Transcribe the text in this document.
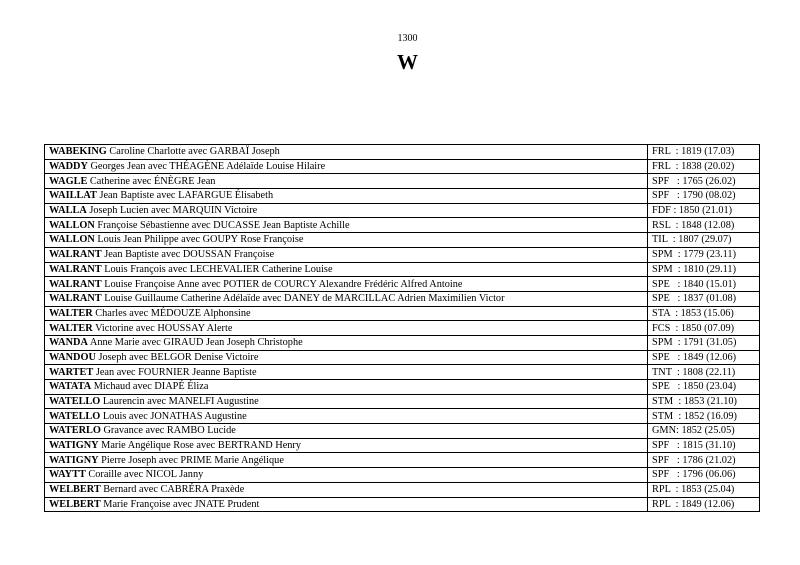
1300
W
WABEKING Caroline Charlotte avec GARBAÏ Joseph	FRL  : 1819 (17.03)
WADDY Georges Jean avec THÉAGÈNE Adélaïde Louise Hilaire	FRL  : 1838 (20.02)
WAGLE Catherine avec ÉNÈGRE Jean	SPF   : 1765 (26.02)
WAILLAT Jean Baptiste avec LAFARGUE Élisabeth	SPF   : 1790 (08.02)
WALLA Joseph Lucien avec MARQUIN Victoire	FDF : 1850 (21.01)
WALLON Françoise Sébastienne avec DUCASSE Jean Baptiste Achille	RSL  : 1848 (12.08)
WALLON Louis Jean Philippe avec GOUPY Rose Françoise	TIL  : 1807 (29.07)
WALRANT Jean Baptiste avec DOUSSAN Françoise	SPM  : 1779 (23.11)
WALRANT Louis François avec LECHEVALIER Catherine Louise	SPM  : 1810 (29.11)
WALRANT Louise Françoise Anne avec POTIER de COURCY Alexandre Frédéric Alfred Antoine	SPE   : 1840 (15.01)
WALRANT Louise Guillaume Catherine Adélaïde avec DANEY de MARCILLAC Adrien Maximilien Victor	SPE   : 1837 (01.08)
WALTER Charles avec MÉDOUZE Alphonsine	STA  : 1853 (15.06)
WALTER Victorine avec HOUSSAY Alerte	FCS  : 1850 (07.09)
WANDA Anne Marie avec GIRAUD Jean Joseph Christophe	SPM  : 1791 (31.05)
WANDOU Joseph avec BELGOR Denise Victoire	SPE   : 1849 (12.06)
WARTET Jean avec FOURNIER Jeanne Baptiste	TNT  : 1808 (22.11)
WATATA Michaud avec DIAPÉ Éliza	SPE   : 1850 (23.04)
WATELLO Laurencin avec MANELFI Augustine	STM  : 1853 (21.10)
WATELLO Louis avec JONATHAS Augustine	STM  : 1852 (16.09)
WATERLO Gravance avec RAMBO Lucide	GMN: 1852 (25.05)
WATIGNY Marie Angélique Rose avec BERTRAND Henry	SPF   : 1815 (31.10)
WATIGNY Pierre Joseph avec PRIME Marie Angélique	SPF   : 1786 (21.02)
WAYTT Coraille avec NICOL Janny	SPF   : 1796 (06.06)
WELBERT Bernard avec CABRÉRA Praxède	RPL  : 1853 (25.04)
WELBERT Marie Françoise avec JNATE Prudent	RPL  : 1849 (12.06)
